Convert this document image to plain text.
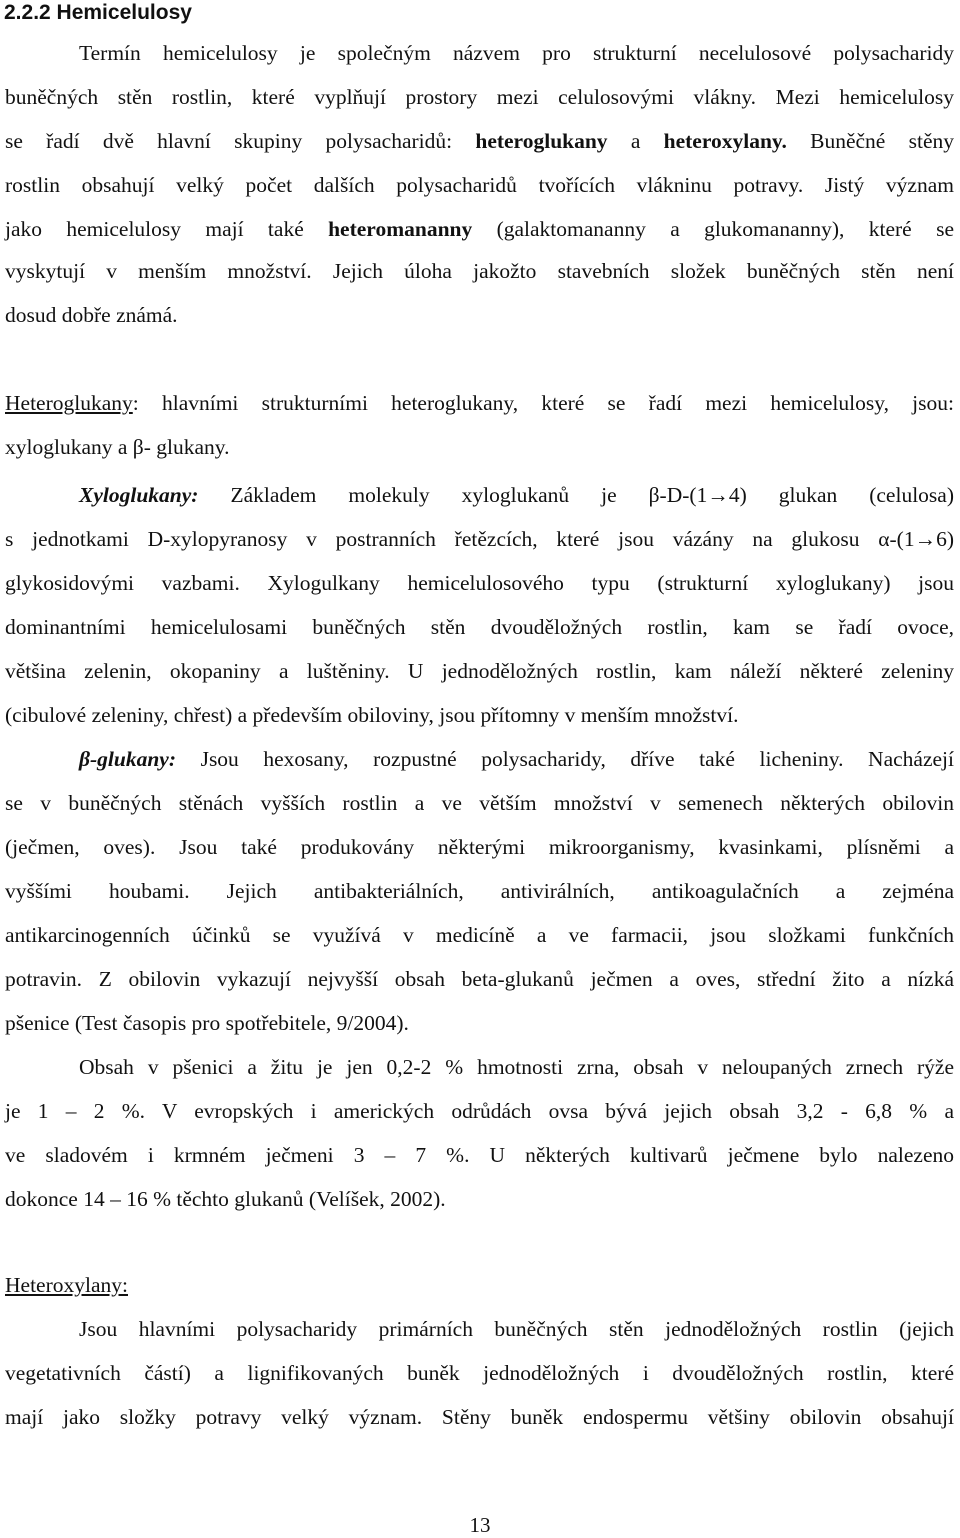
2.2.2 Hemicelulosy
Termín hemicelulosy je společným názvem pro strukturní necelulosové polysacharidy
buněčných stěn rostlin, které vyplňují prostory mezi celulosovými vlákny. Mezi hemicelulosy
se řadí dvě hlavní skupiny polysacharidů: heteroglukany a heteroxylany. Buněčné stěny
rostlin obsahují velký počet dalších polysacharidů tvořících vlákninu potravy. Jistý význam
jako hemicelulosy mají také heteromananny (galaktomananny a glukomananny), které se
vyskytují v menším množství. Jejich úloha jakožto stavebních složek buněčných stěn není
dosud dobře známá.
Heteroglukany: hlavními strukturními heteroglukany, které se řadí mezi hemicelulosy, jsou:
xyloglukany a β- glukany.
Xyloglukany: Základem molekuly xyloglukanů je β-D-(1→4) glukan (celulosa)
s jednotkami D-xylopyranosy v postranních řetězcích, které jsou vázány na glukosu α-(1→6)
glykosidovými vazbami. Xylogulkany hemicelulosového typu (strukturní xyloglukany) jsou
dominantními hemicelulosami buněčných stěn dvouděložných rostlin, kam se řadí ovoce,
většina zelenin, okopaniny a luštěniny. U jednoděložných rostlin, kam náleží některé zeleniny
(cibulové zeleniny, chřest) a především obiloviny, jsou přítomny v menším množství.
β-glukany: Jsou hexosany, rozpustné polysacharidy, dříve také licheniny. Nacházejí
se v buněčných stěnách vyšších rostlin a ve větším množství v semenech některých obilovin
(ječmen, oves). Jsou také produkovány některými mikroorganismy, kvasinkami, plísněmi a
vyššími houbami. Jejich antibakteriálních, antivirálních, antikoagulačních a zejména
antikarcinogenních účinků se využívá v medicíně a ve farmacii, jsou složkami funkčních
potravin. Z obilovin vykazují nejvyšší obsah beta-glukanů ječmen a oves, střední žito a nízká
pšenice (Test časopis pro spotřebitele, 9/2004).
Obsah v pšenici a žitu je jen 0,2-2 % hmotnosti zrna, obsah v neloupaných zrnech rýže
je 1 – 2 %. V evropských i amerických odrůdách ovsa bývá jejich obsah 3,2 - 6,8 % a
ve sladovém i krmném ječmeni 3 – 7 %. U některých kultivarů ječmene bylo nalezeno
dokonce 14 – 16 % těchto glukanů (Velíšek, 2002).
Heteroxylany:
Jsou hlavními polysacharidy primárních buněčných stěn jednoděložných rostlin (jejich
vegetativních částí) a lignifikovaných buněk jednoděložných i dvouděložných rostlin, které
mají jako složky potravy velký význam. Stěny buněk endospermu většiny obilovin obsahují
13
